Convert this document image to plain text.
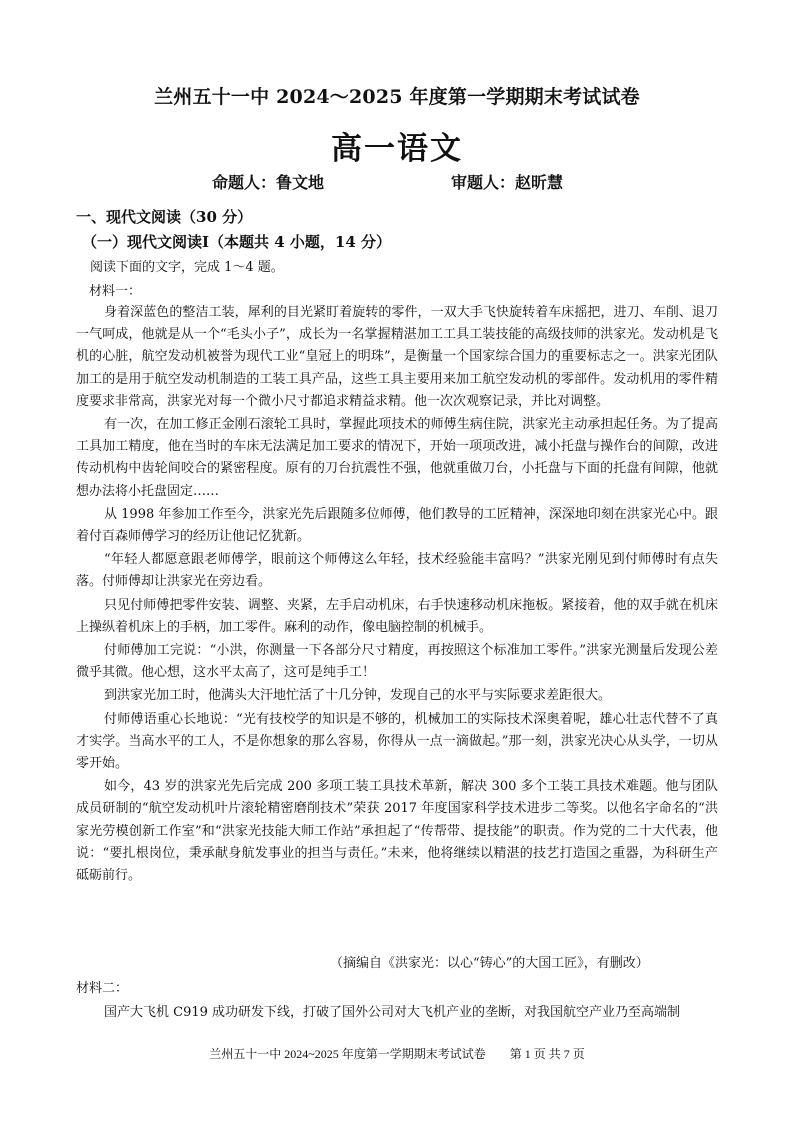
兰州五十一中 2024～2025 年度第一学期期末考试试卷
高一语文
命题人：鲁文地	审题人：赵昕慧
一、现代文阅读（30 分）
（一）现代文阅读Ⅰ（本题共 4 小题，14 分）
阅读下面的文字，完成 1～4 题。
材料一：

身着深蓝色的整洁工装，犀利的目光紧盯着旋转的零件，一双大手飞快旋转着车床摇把，进刀、车削、退刀一气呵成，他就是从一个“毛头小子”，成长为一名掌握精湛加工工具工装技能的高级技师的洪家光。发动机是飞机的心脏，航空发动机被誉为现代工业“皇冠上的明珠”，是衡量一个国家综合国力的重要标志之一。洪家光团队加工的是用于航空发动机制造的工装工具产品，这些工具主要用来加工航空发动机的零部件。发动机用的零件精度要求非常高，洪家光对每一个微小尺寸都追求精益求精。他一次次观察记录，并比对调整。

有一次，在加工修正金刚石滚轮工具时，掌握此项技术的师傅生病住院，洪家光主动承担起任务。为了提高工具加工精度，他在当时的车床无法满足加工要求的情况下，开始一项项改进，减小托盘与操作台的间隙，改进传动机构中齿轮间咬合的紧密程度。原有的刀台抗震性不强，他就重做刀台，小托盘与下面的托盘有间隙，他就想办法将小托盘固定……

从 1998 年参加工作至今，洪家光先后跟随多位师傅，他们教导的工匠精神，深深地印刻在洪家光心中。跟着付百森师傅学习的经历让他记忆犹新。

“年轻人都愿意跟老师傅学，眼前这个师傅这么年轻，技术经验能丰富吗？”洪家光刚见到付师傅时有点失落。付师傅却让洪家光在旁边看。

只见付师傅把零件安装、调整、夹紧，左手启动机床，右手快速移动机床拖板。紧接着，他的双手就在机床上操纵着机床上的手柄，加工零件。麻利的动作，像电脑控制的机械手。

付师傅加工完说：“小洪，你测量一下各部分尺寸精度，再按照这个标准加工零件。”洪家光测量后发现公差微乎其微。他心想，这水平太高了，这可是纯手工！

到洪家光加工时，他满头大汗地忙活了十几分钟，发现自己的水平与实际要求差距很大。

付师傅语重心长地说：“光有技校学的知识是不够的，机械加工的实际技术深奥着呢，雄心壮志代替不了真才实学。当高水平的工人，不是你想象的那么容易，你得从一点一滴做起。”那一刻，洪家光决心从头学，一切从零开始。

如今，43 岁的洪家光先后完成 200 多项工装工具技术革新，解决 300 多个工装工具技术难题。他与团队成员研制的“航空发动机叶片滚轮精密磨削技术”荣获 2017 年度国家科学技术进步二等奖。以他名字命名的“洪家光劳模创新工作室”和“洪家光技能大师工作站”承担起了“传帮带、提技能”的职责。作为党的二十大代表，他说：“要扎根岗位，秉承献身航发事业的担当与责任。”未来，他将继续以精湛的技艺打造国之重器，为科研生产砥砺前行。

（摘编自《洪家光：以心“铸心”的大国工匠》，有删改）
材料二：
国产大飞机 C919 成功研发下线，打破了国外公司对大飞机产业的垄断，对我国航空产业乃至高端制
兰州五十一中 2024~2025 年度第一学期期末考试试卷　　第 1 页 共 7 页
